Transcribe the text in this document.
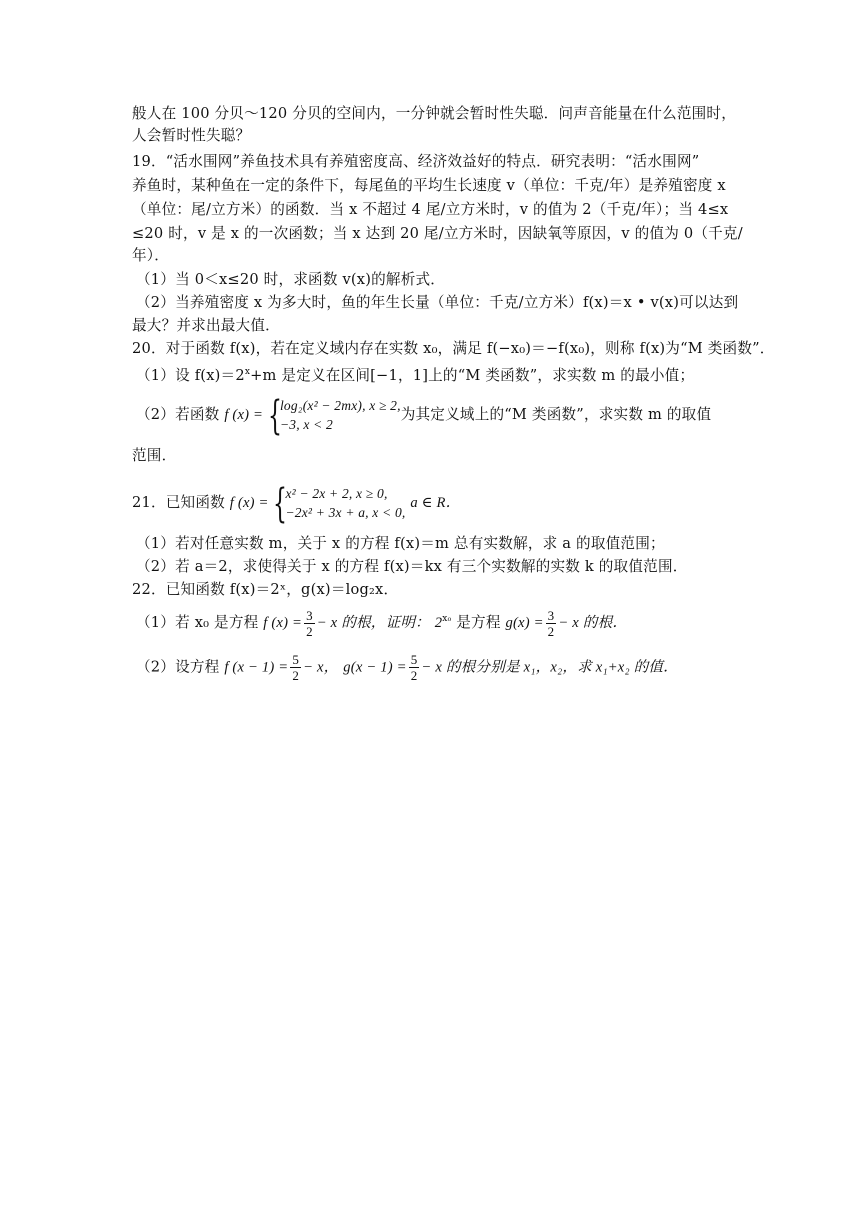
般人在 100 分贝～120 分贝的空间内，一分钟就会暂时性失聪．问声音能量在什么范围时，
人会暂时性失聪？
19．“活水围网”养鱼技术具有养殖密度高、经济效益好的特点．研究表明：“活水围网”
养鱼时，某种鱼在一定的条件下，每尾鱼的平均生长速度 v（单位：千克/年）是养殖密度 x
（单位：尾/立方米）的函数．当 x 不超过 4 尾/立方米时，v 的值为 2（千克/年）；当 4≤x
≤20 时，v 是 x 的一次函数；当 x 达到 20 尾/立方米时，因缺氧等原因，v 的值为 0（千克/
年）．
（1）当 0＜x≤20 时，求函数 v(x)的解析式．
（2）当养殖密度 x 为多大时，鱼的年生长量（单位：千克/立方米）f(x)＝x • v(x)可以达到
最大？并求出最大值．
20．对于函数 f(x)，若在定义域内存在实数 x₀，满足 f(−x₀)＝−f(x₀)，则称 f(x)为“M 类函数”．
（1）设 $f(x)=2^x+m$ 是定义在区间[−1，1]上的“M 类函数”，求实数 m 的最小值；
（2）若函数 f (x) = {
log₂(x² − 2mx), x ≥ 2,
−3, x < 2
为其定义域上的“M 类函数”，求实数 m 的取值
范围．
21．已知函数 f (x) = {
x² − 2x + 2, x ≥ 0,
−2x² + 3x + a, x < 0,
a ∈ R．
（1）若对任意实数 m，关于 x 的方程 f(x)＝m 总有实数解，求 a 的取值范围；
（2）若 a＝2，求使得关于 x 的方程 f(x)＝kx 有三个实数解的实数 k 的取值范围．
22．已知函数 f(x)＝2ˣ，g(x)＝log₂x．
（1）若 x₀ 是方程 f $(x) = \frac{3}{2} - x$ 的根，证明： $2^{x_0}$ 是方程 $g(x) = \frac{3}{2} - x$ 的根．
（2）设方程 f $(x - 1) = \frac{5}{2} - x$， $g(x - 1) = \frac{5}{2} - x$ 的根分别是 x₁，x₂，求 x₁+x₂ 的值．
